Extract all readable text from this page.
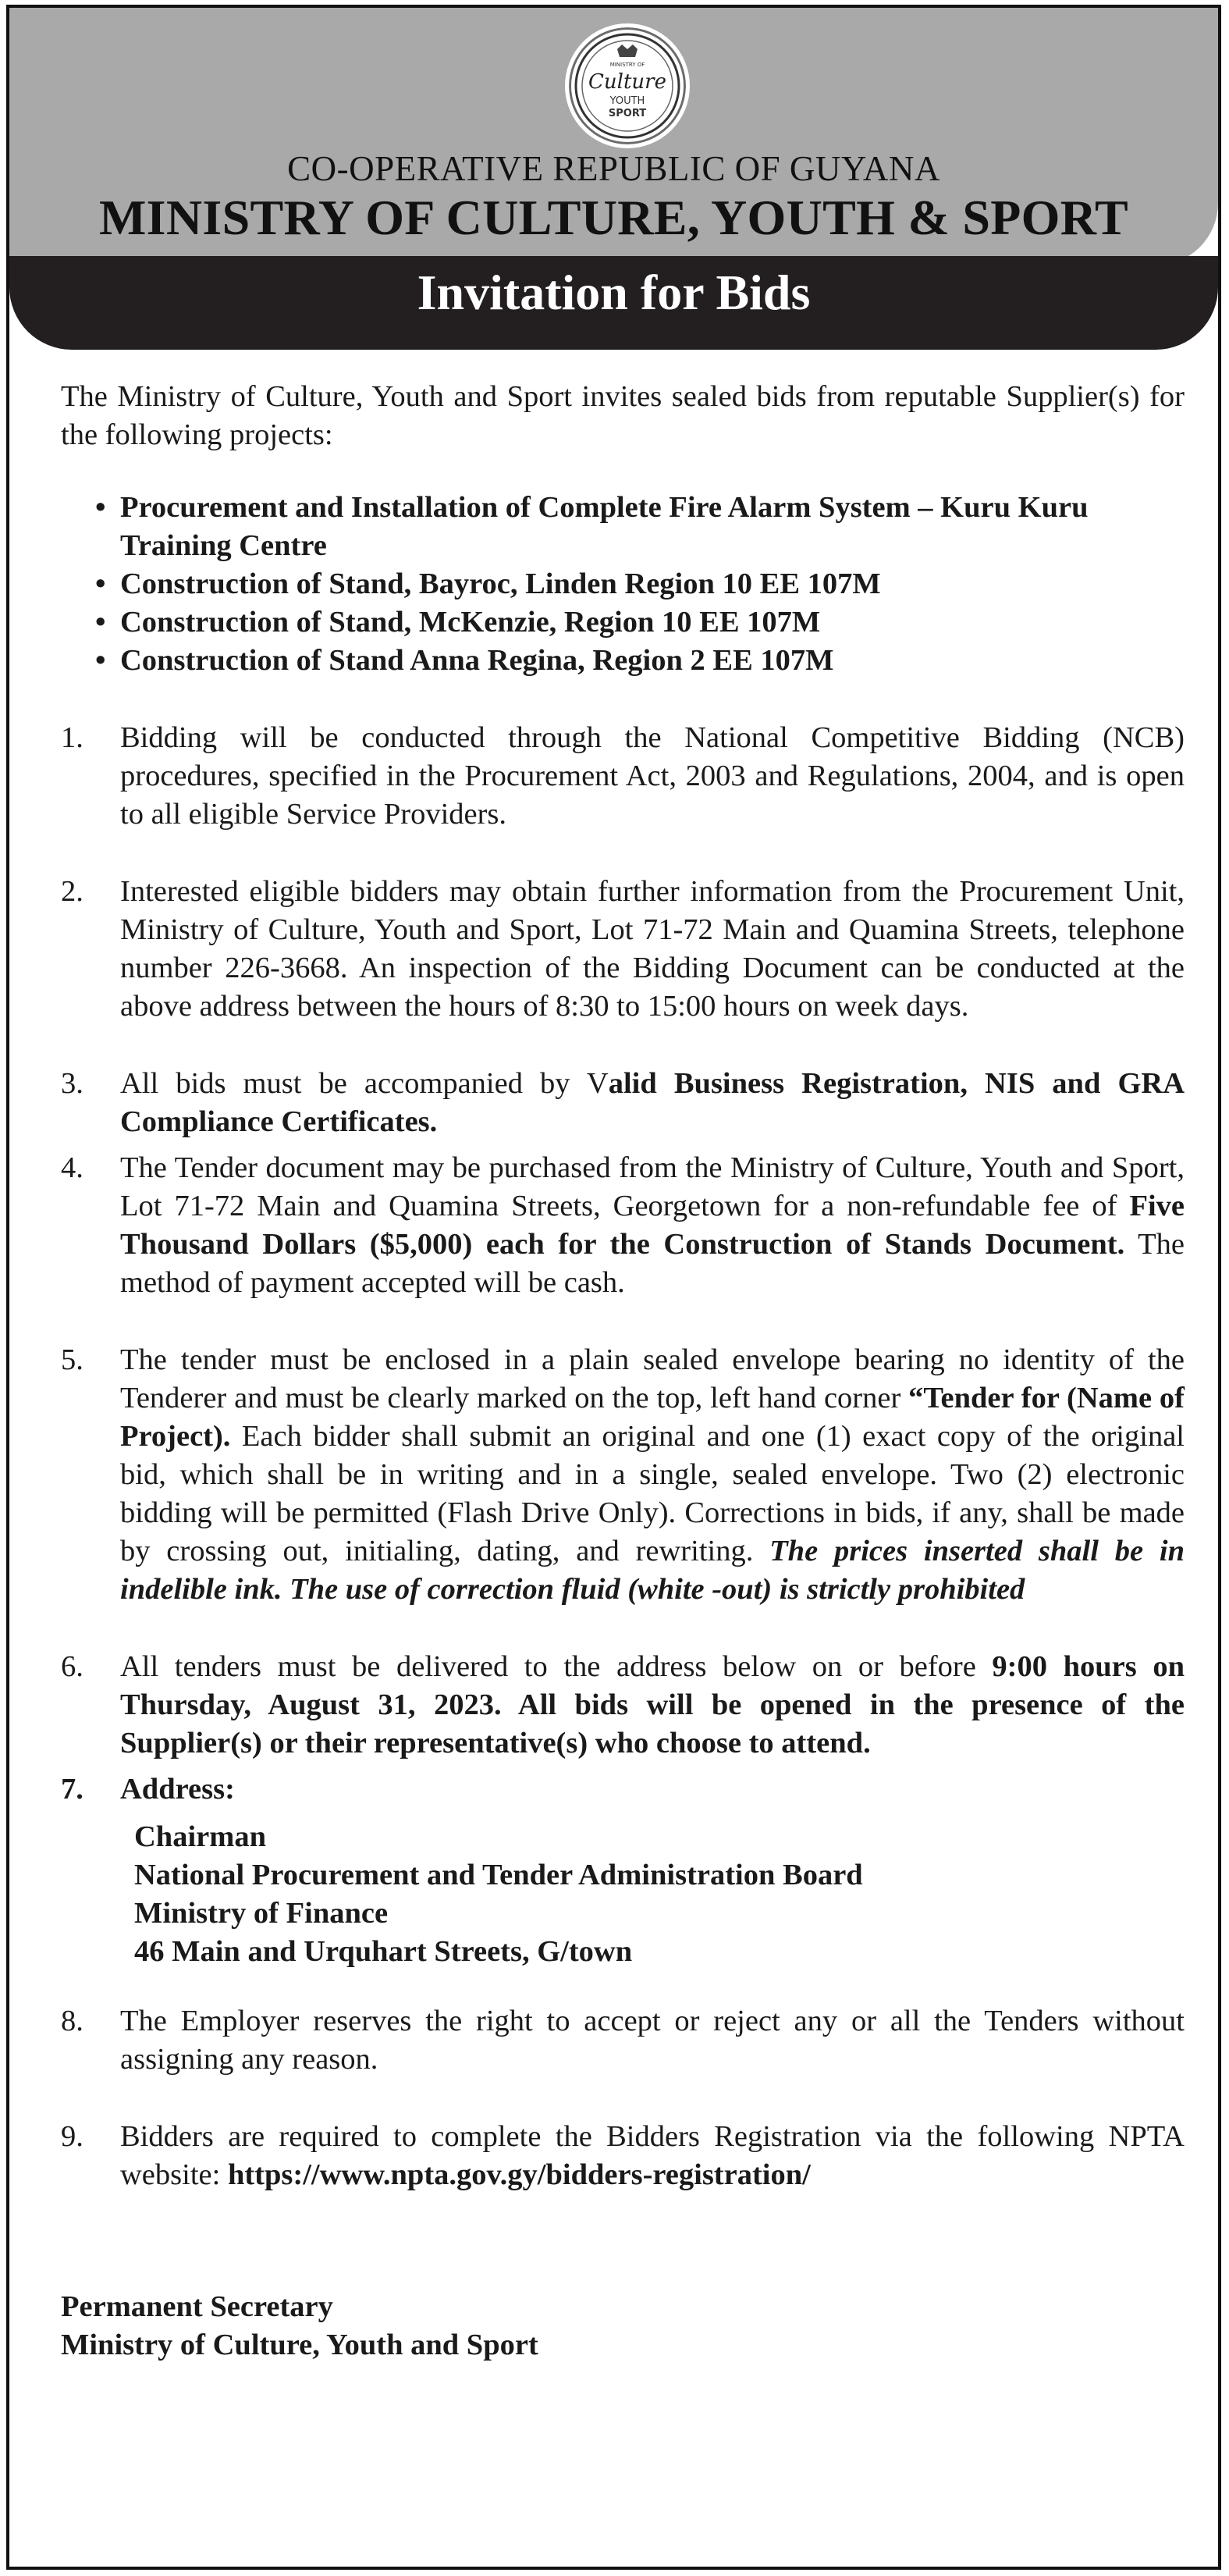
MINISTRY OF
Culture
YOUTH
SPORT
CO-OPERATIVE REPUBLIC OF GUYANA
MINISTRY OF CULTURE, YOUTH & SPORT
Invitation for Bids

The Ministry of Culture, Youth and Sport invites sealed bids from reputable Supplier(s) for the following projects:

• Procurement and Installation of Complete Fire Alarm System – Kuru Kuru Training Centre
• Construction of Stand, Bayroc, Linden Region 10 EE 107M
• Construction of Stand, McKenzie, Region 10 EE 107M
• Construction of Stand Anna Regina, Region 2 EE 107M
1. Bidding will be conducted through the National Competitive Bidding (NCB) procedures, specified in the Procurement Act, 2003 and Regulations, 2004, and is open to all eligible Service Providers.
2. Interested eligible bidders may obtain further information from the Procurement Unit, Ministry of Culture, Youth and Sport, Lot 71-72 Main and Quamina Streets, telephone number 226-3668. An inspection of the Bidding Document can be conducted at the above address between the hours of 8:30 to 15:00 hours on week days.
3. All bids must be accompanied by Valid Business Registration, NIS and GRA Compliance Certificates.
4. The Tender document may be purchased from the Ministry of Culture, Youth and Sport, Lot 71-72 Main and Quamina Streets, Georgetown for a non-refundable fee of Five Thousand Dollars ($5,000) each for the Construction of Stands Document. The method of payment accepted will be cash.
5. The tender must be enclosed in a plain sealed envelope bearing no identity of the Tenderer and must be clearly marked on the top, left hand corner “Tender for (Name of Project). Each bidder shall submit an original and one (1) exact copy of the original bid, which shall be in writing and in a single, sealed envelope. Two (2) electronic bidding will be permitted (Flash Drive Only). Corrections in bids, if any, shall be made by crossing out, initialing, dating, and rewriting. The prices inserted shall be in indelible ink. The use of correction fluid (white -out) is strictly prohibited
6. All tenders must be delivered to the address below on or before 9:00 hours on Thursday, August 31, 2023. All bids will be opened in the presence of the Supplier(s) or their representative(s) who choose to attend.
7. Address:
Chairman
National Procurement and Tender Administration Board
Ministry of Finance
46 Main and Urquhart Streets, G/town
8. The Employer reserves the right to accept or reject any or all the Tenders without assigning any reason.
9. Bidders are required to complete the Bidders Registration via the following NPTA website: https://www.npta.gov.gy/bidders-registration/
Permanent Secretary
Ministry of Culture, Youth and Sport
